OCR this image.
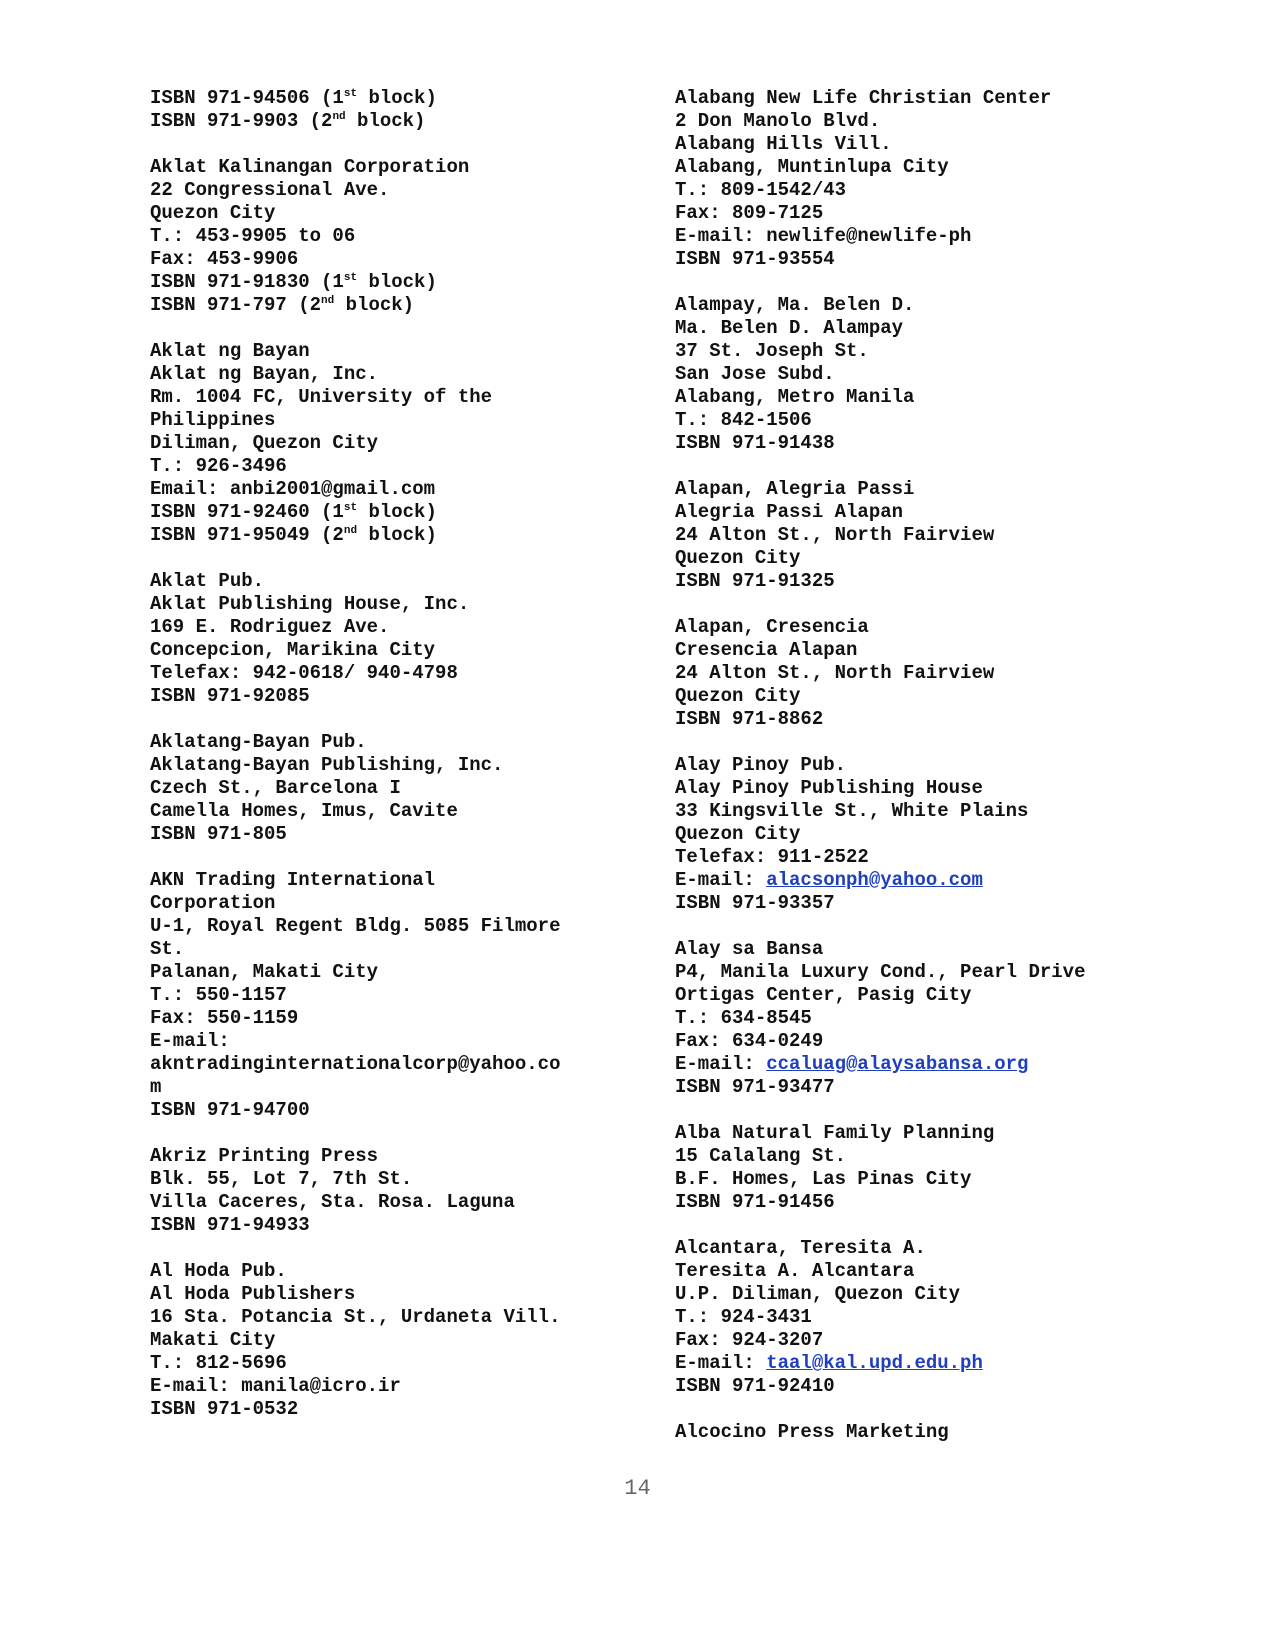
ISBN 971-94506 (1st block)
ISBN 971-9903 (2nd block)
Aklat Kalinangan Corporation
22 Congressional Ave.
Quezon City
T.: 453-9905 to 06
Fax: 453-9906
ISBN 971-91830 (1st block)
ISBN 971-797 (2nd block)
Aklat ng Bayan
Aklat ng Bayan, Inc.
Rm. 1004 FC, University of the
Philippines
Diliman, Quezon City
T.: 926-3496
Email: anbi2001@gmail.com
ISBN 971-92460 (1st block)
ISBN 971-95049 (2nd block)
Aklat Pub.
Aklat Publishing House, Inc.
169 E. Rodriguez Ave.
Concepcion, Marikina City
Telefax: 942-0618/ 940-4798
ISBN 971-92085
Aklatang-Bayan Pub.
Aklatang-Bayan Publishing, Inc.
Czech St., Barcelona I
Camella Homes, Imus, Cavite
ISBN 971-805
AKN Trading International
Corporation
U-1, Royal Regent Bldg. 5085 Filmore
St.
Palanan, Makati City
T.: 550-1157
Fax: 550-1159
E-mail:
akntradinginternationalcorp@yahoo.co
m
ISBN 971-94700
Akriz Printing Press
Blk. 55, Lot 7, 7th St.
Villa Caceres, Sta. Rosa. Laguna
ISBN 971-94933
Al Hoda Pub.
Al Hoda Publishers
16 Sta. Potancia St., Urdaneta Vill.
Makati City
T.: 812-5696
E-mail: manila@icro.ir
ISBN 971-0532
Alabang New Life Christian Center
2 Don Manolo Blvd.
Alabang Hills Vill.
Alabang, Muntinlupa City
T.: 809-1542/43
Fax: 809-7125
E-mail: newlife@newlife-ph
ISBN 971-93554
Alampay, Ma. Belen D.
Ma. Belen D. Alampay
37 St. Joseph St.
San Jose Subd.
Alabang, Metro Manila
T.: 842-1506
ISBN 971-91438
Alapan, Alegria Passi
Alegria Passi Alapan
24 Alton St., North Fairview
Quezon City
ISBN 971-91325
Alapan, Cresencia
Cresencia Alapan
24 Alton St., North Fairview
Quezon City
ISBN 971-8862
Alay Pinoy Pub.
Alay Pinoy Publishing House
33 Kingsville St., White Plains
Quezon City
Telefax: 911-2522
E-mail: alacsonph@yahoo.com
ISBN 971-93357
Alay sa Bansa
P4, Manila Luxury Cond., Pearl Drive
Ortigas Center, Pasig City
T.: 634-8545
Fax: 634-0249
E-mail: ccaluag@alaysabansa.org
ISBN 971-93477
Alba Natural Family Planning
15 Calalang St.
B.F. Homes, Las Pinas City
ISBN 971-91456
Alcantara, Teresita A.
Teresita A. Alcantara
U.P. Diliman, Quezon City
T.: 924-3431
Fax: 924-3207
E-mail: taal@kal.upd.edu.ph
ISBN 971-92410
Alcocino Press Marketing
14
